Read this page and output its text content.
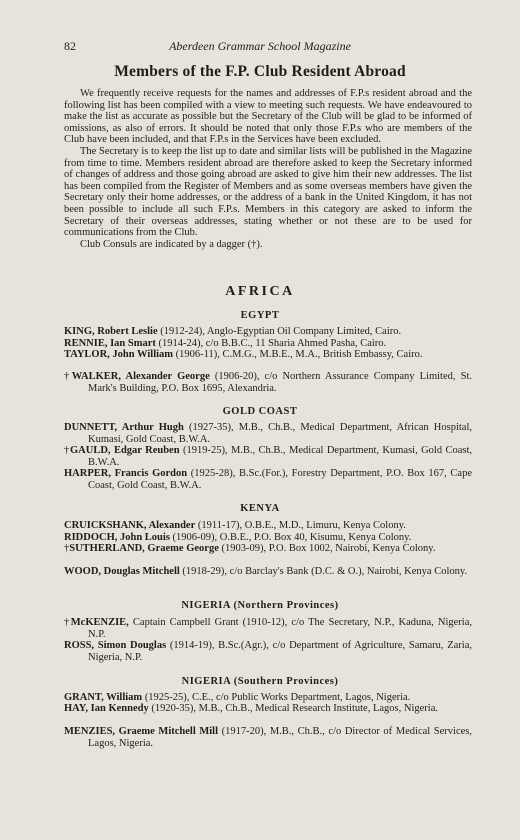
82	Aberdeen Grammar School Magazine
Members of the F.P. Club Resident Abroad

We frequently receive requests for the names and addresses of F.P.s resident abroad and the following list has been compiled with a view to meeting such requests. We have endeavoured to make the list as accurate as possible but the Secretary of the Club will be glad to be informed of omissions, as also of errors. It should be noted that only those F.P.s who are members of the Club have been included, and that F.P.s in the Services have been excluded.

The Secretary is to keep the list up to date and similar lists will be published in the Magazine from time to time. Members resident abroad are therefore asked to keep the Secretary informed of changes of address and those going abroad are asked to give him their new addresses. The list has been compiled from the Register of Members and as some overseas members have given the Secretary only their home addresses, or the address of a bank in the United Kingdom, it has not been possible to include all such F.P.s. Members in this category are asked to inform the Secretary of their overseas addresses, stating whether or not these are to be used for communications from the Club.

Club Consuls are indicated by a dagger (†).

AFRICA
EGYPT
KING, Robert Leslie (1912-24), Anglo-Egyptian Oil Company Limited, Cairo.
RENNIE, Ian Smart (1914-24), c/o B.B.C., 11 Sharia Ahmed Pasha, Cairo.
TAYLOR, John William (1906-11), C.M.G., M.B.E., M.A., British Embassy, Cairo.
†WALKER, Alexander George (1906-20), c/o Northern Assurance Company Limited, St. Mark's Building, P.O. Box 1695, Alexandria.
GOLD COAST
DUNNETT, Arthur Hugh (1927-35), M.B., Ch.B., Medical Department, African Hospital, Kumasi, Gold Coast, B.W.A.
†GAULD, Edgar Reuben (1919-25), M.B., Ch.B., Medical Department, Kumasi, Gold Coast, B.W.A.
HARPER, Francis Gordon (1925-28), B.Sc.(For.), Forestry Department, P.O. Box 167, Cape Coast, Gold Coast, B.W.A.
KENYA
CRUICKSHANK, Alexander (1911-17), O.B.E., M.D., Limuru, Kenya Colony.
RIDDOCH, John Louis (1906-09), O.B.E., P.O. Box 40, Kisumu, Kenya Colony.
†SUTHERLAND, Graeme George (1903-09), P.O. Box 1002, Nairobi, Kenya Colony.
WOOD, Douglas Mitchell (1918-29), c/o Barclay's Bank (D.C. & O.), Nairobi, Kenya Colony.
NIGERIA (Northern Provinces)
†McKENZIE, Captain Campbell Grant (1910-12), c/o The Secretary, N.P., Kaduna, Nigeria, N.P.
ROSS, Simon Douglas (1914-19), B.Sc.(Agr.), c/o Department of Agriculture, Samaru, Zaria, Nigeria, N.P.
NIGERIA (Southern Provinces)
GRANT, William (1925-25), C.E., c/o Public Works Department, Lagos, Nigeria.
HAY, Ian Kennedy (1920-35), M.B., Ch.B., Medical Research Institute, Lagos, Nigeria.
MENZIES, Graeme Mitchell Mill (1917-20), M.B., Ch.B., c/o Director of Medical Services, Lagos, Nigeria.
